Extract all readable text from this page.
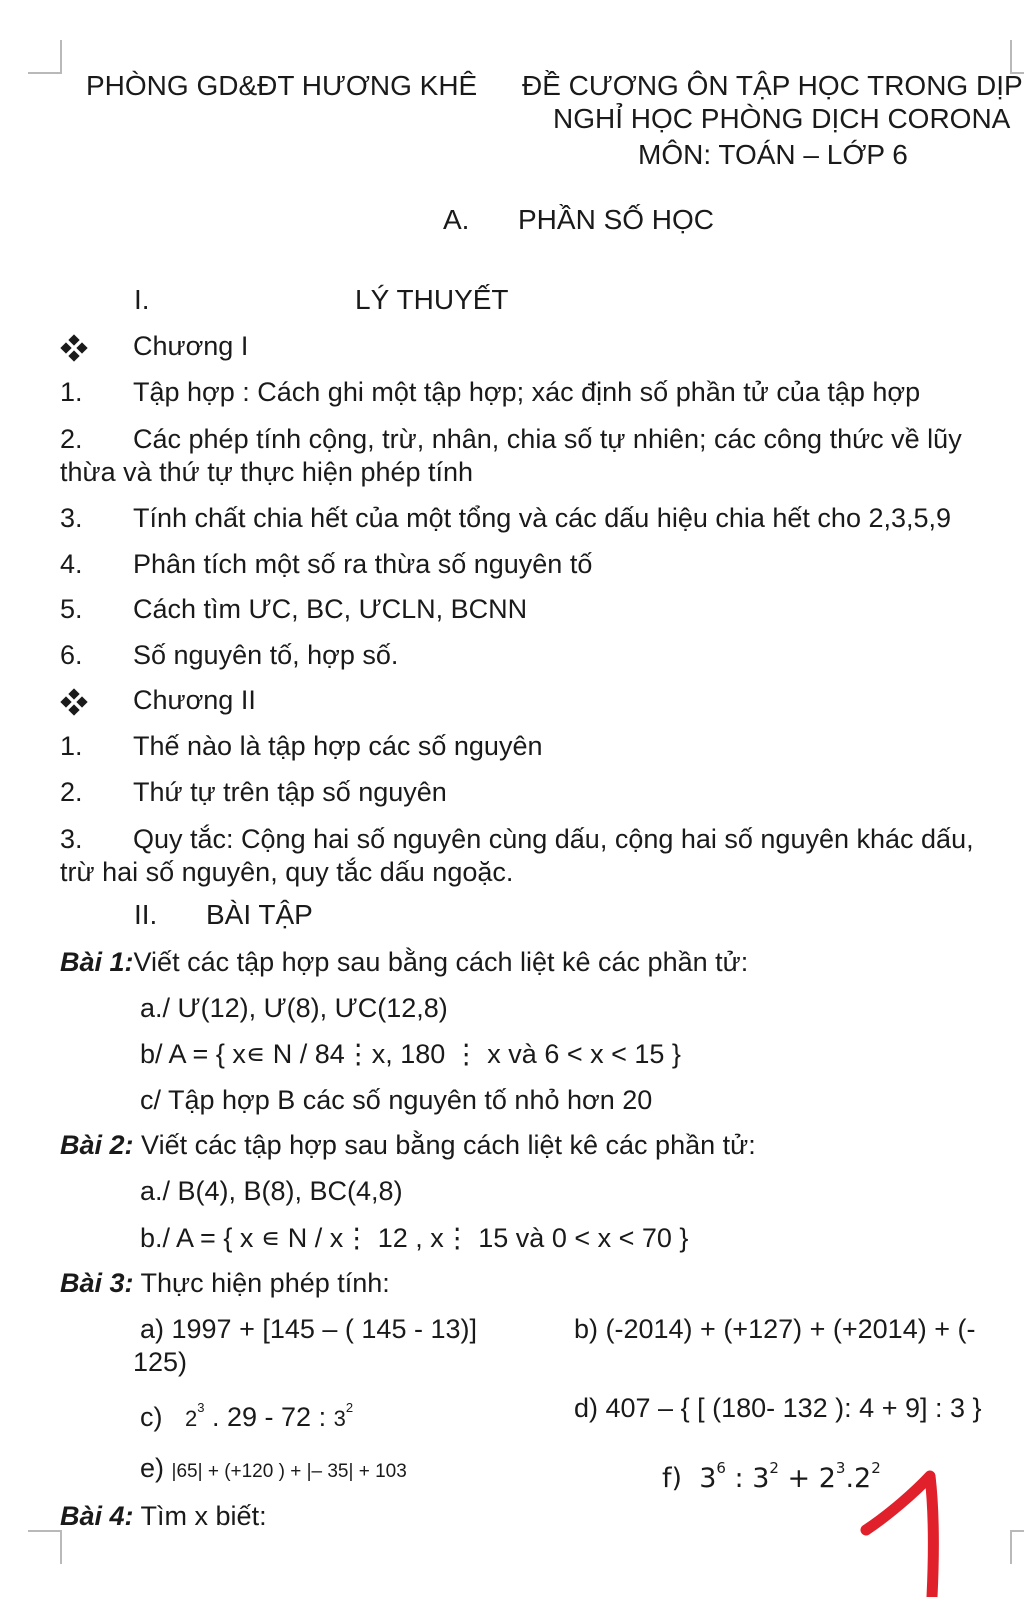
PHÒNG GD&ĐT HƯƠNG KHÊ ĐỀ CƯƠNG ÔN TẬP HỌC TRONG DỊP
NGHỈ HỌC PHÒNG DỊCH CORONA
MÔN: TOÁN – LỚP 6
A. PHẦN SỐ HỌC
I.	LÝ THUYẾT
Chương I
1. Tập hợp : Cách ghi một tập hợp; xác định số phần tử của tập hợp
2. Các phép tính cộng, trừ, nhân, chia số tự nhiên; các công thức về lũy
thừa và thứ tự thực hiện phép tính
3. Tính chất chia hết của một tổng và các dấu hiệu chia hết cho 2,3,5,9
4. Phân tích một số ra thừa số nguyên tố
5. Cách tìm ƯC, BC, ƯCLN, BCNN
6. Số nguyên tố, hợp số.
Chương II
1. Thế nào là tập hợp các số nguyên
2. Thứ tự trên tập số nguyên
3. Quy tắc: Cộng hai số nguyên cùng dấu, cộng hai số nguyên khác dấu,
trừ hai số nguyên, quy tắc dấu ngoặc.
II. BÀI TẬP
Bài 1:Viết các tập hợp sau bằng cách liệt kê các phần tử:
a./ Ư(12), Ư(8), ƯC(12,8)
b/ A = { x∊ N / 84⋮x, 180 ⋮ x và 6 < x < 15 }
c/ Tập hợp B các số nguyên tố nhỏ hơn 20
Bài 2: Viết các tập hợp sau bằng cách liệt kê các phần tử:
a./ B(4), B(8), BC(4,8)
b./ A = { x ∊ N / x⋮ 12 , x⋮ 15 và 0 < x < 70 }
Bài 3: Thực hiện phép tính:
a) 1997 + [145 – ( 145 - 13)]	b) (-2014) + (+127) + (+2014) + (-
125)
c) $2^3$ . 29 - 72 : $3^2$	d) 407 – { [ (180- 132 ): 4 + 9] : 3 }
e) |65| + (+120 ) + |– 35| + 103	f) $3^6$ : $3^2 + 2^3.2^2$
Bài 4: Tìm x biết:
